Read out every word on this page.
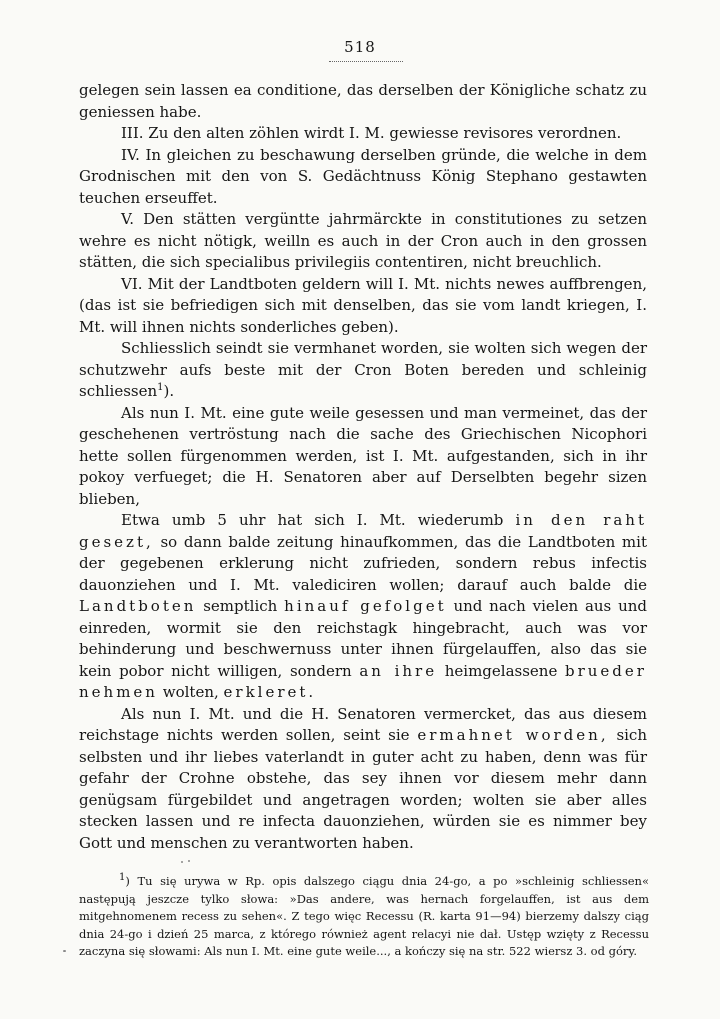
518

gelegen sein lassen ea conditione, das derselben der Königliche schatz zu geniessen habe.

III. Zu den alten zöhlen wirdt I. M. gewiesse revisores verordnen.

IV. In gleichen zu beschawung derselben gründe, die welche in dem Grodnischen mit den von S. Gedächtnuss König Stephano gestawten teuchen erseuffet.

V. Den stätten vergüntte jahrmärckte in constitutiones zu setzen wehre es nicht nötigk, weilln es auch in der Cron auch in den grossen stätten, die sich specialibus privilegiis contentiren, nicht breuchlich.

VI. Mit der Landtboten geldern will I. Mt. nichts newes auffbrengen, (das ist sie befriedigen sich mit denselben, das sie vom landt kriegen, I. Mt. will ihnen nichts sonderliches geben).

Schliesslich seindt sie vermhanet worden, sie wolten sich wegen der schutzwehr aufs beste mit der Cron Boten bereden und schleinig schliessen$^1$).

Als nun I. Mt. eine gute weile gesessen und man vermeinet, das der geschehenen vertröstung nach die sache des Griechischen Nicophori hette sollen fürgenommen werden, ist I. Mt. aufgestanden, sich in ihr pokoy verfueget; die H. Senatoren aber auf Derselbten begehr sizen blieben,

Etwa umb 5 uhr hat sich I. Mt. wiederumb in den raht gesezt, so dann balde zeitung hinaufkommen, das die Landtboten mit der gegebenen erklerung nicht zufrieden, sondern rebus infectis dauonziehen und I. Mt. valediciren wollen; darauf auch balde die Landtboten semptlich hinauf gefolget und nach vielen aus und einreden, wormit sie den reichstagk hingebracht, auch was vor behinderung und beschwernuss unter ihnen fürgelauffen, also das sie kein pobor nicht willigen, sondern an ihre heimgelassene brueder nehmen wolten, erkleret.

Als nun I. Mt. und die H. Senatoren vermercket, das aus diesem reichstage nichts werden sollen, seint sie ermahnet worden, sich selbsten und ihr liebes vaterlandt in guter acht zu haben, denn was für gefahr der Crohne obstehe, das sey ihnen vor diesem mehr dann genügsam fürgebildet und angetragen worden; wolten sie aber alles stecken lassen und re infecta dauonziehen, würden sie es nimmer bey Gott und menschen zu verantworten haben.

$^1$) Tu się urywa w Rp. opis dalszego ciągu dnia 24-go, a po »schleinig schliessen« następują jeszcze tylko słowa: »Das andere, was hernach forgelauffen, ist aus dem mitgehnomenem recess zu sehen«. Z tego więc Recessu (R. karta 91—94) bierzemy dalszy ciąg dnia 24-go i dzień 25 marca, z którego również agent relacyi nie dał. Ustęp wzięty z Recessu zaczyna się słowami: Als nun I. Mt. eine gute weile..., a kończy się na str. 522 wiersz 3. od góry.
